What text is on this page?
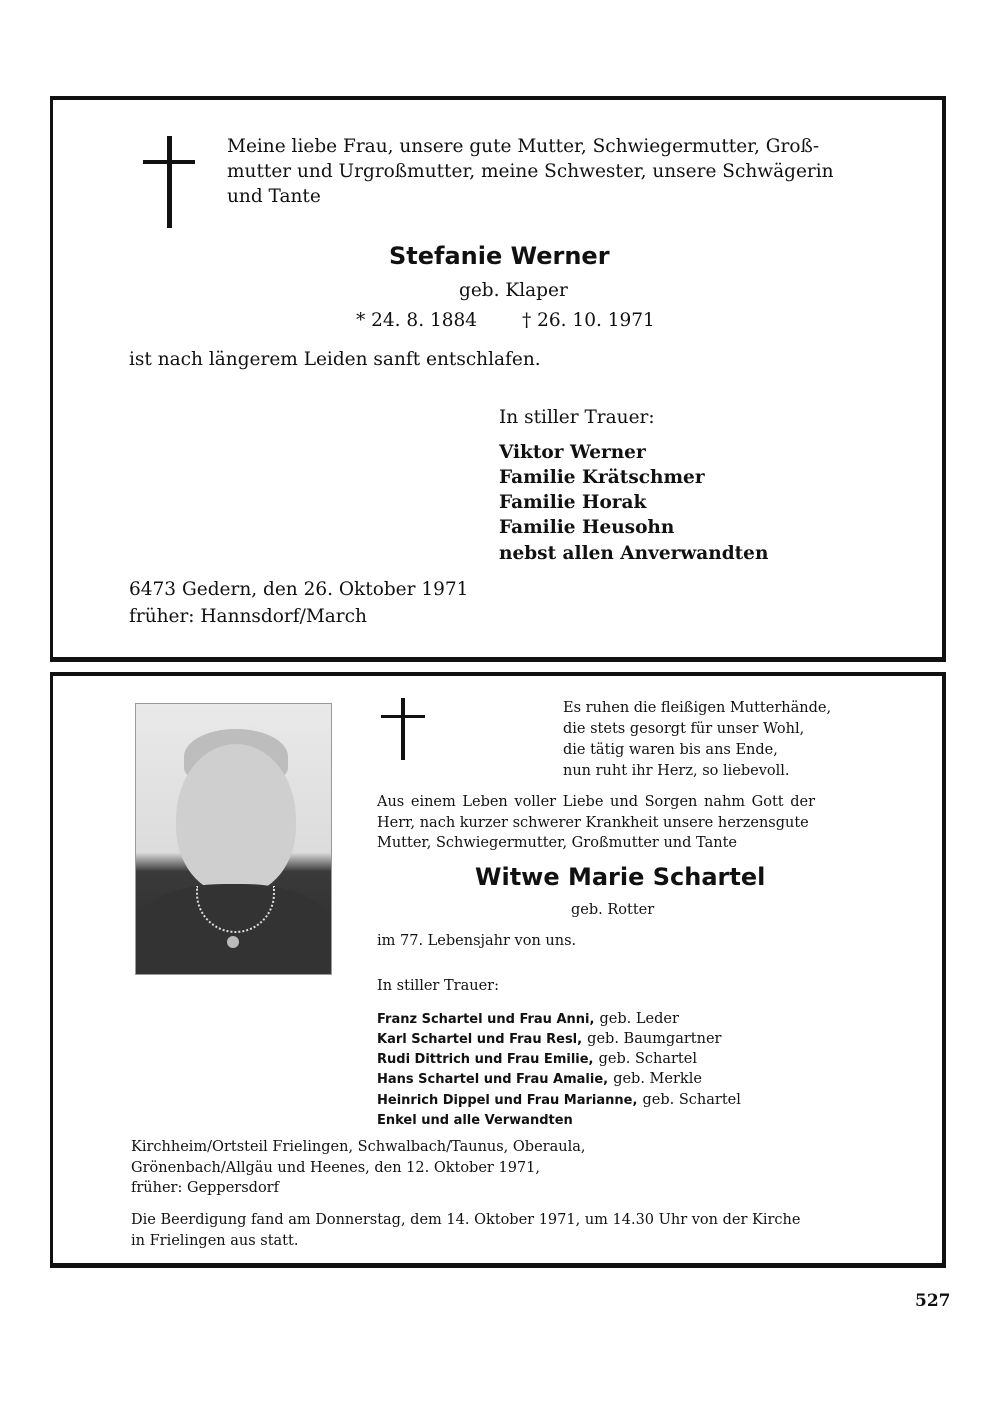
Meine liebe Frau, unsere gute Mutter, Schwiegermutter, Groß-
mutter und Urgroßmutter, meine Schwester, unsere Schwägerin
und Tante
Stefanie Werner
geb. Klaper
* 24. 8. 1884 † 26. 10. 1971
ist nach längerem Leiden sanft entschlafen.
In stiller Trauer:
Viktor Werner
Familie Krätschmer
Familie Horak
Familie Heusohn
nebst allen Anverwandten
6473 Gedern, den 26. Oktober 1971
früher: Hannsdorf/March
Es ruhen die fleißigen Mutterhände,
die stets gesorgt für unser Wohl,
die tätig waren bis ans Ende,
nun ruht ihr Herz, so liebevoll.
Aus einem Leben voller Liebe und Sorgen nahm Gott der
Herr, nach kurzer schwerer Krankheit unsere herzensgute
Mutter, Schwiegermutter, Großmutter und Tante
Witwe Marie Schartel
geb. Rotter
im 77. Lebensjahr von uns.
In stiller Trauer:
Franz Schartel und Frau Anni, geb. Leder
Karl Schartel und Frau Resl, geb. Baumgartner
Rudi Dittrich und Frau Emilie, geb. Schartel
Hans Schartel und Frau Amalie, geb. Merkle
Heinrich Dippel und Frau Marianne, geb. Schartel
Enkel und alle Verwandten
Kirchheim/Ortsteil Frielingen, Schwalbach/Taunus, Oberaula,
Grönenbach/Allgäu und Heenes, den 12. Oktober 1971,
früher: Geppersdorf
Die Beerdigung fand am Donnerstag, dem 14. Oktober 1971, um 14.30 Uhr von der Kirche
in Frielingen aus statt.
527
